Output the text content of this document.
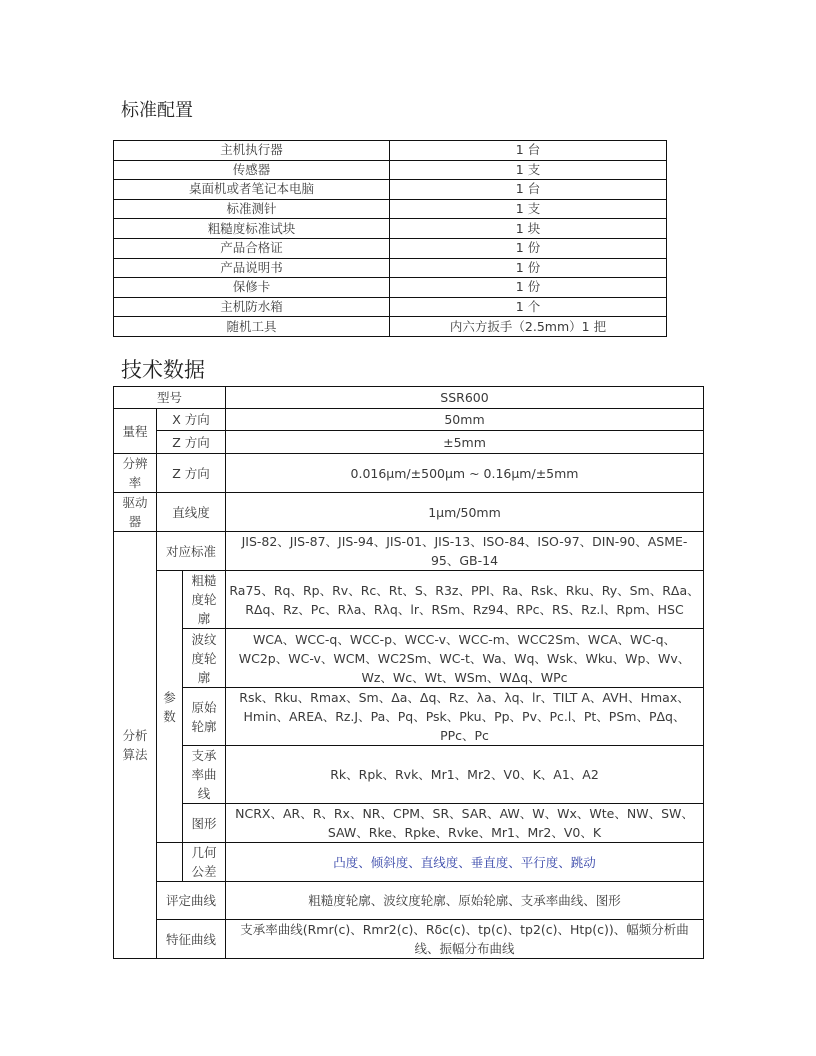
标准配置
主机执行器	1 台
传感器	1 支
桌面机或者笔记本电脑	1 台
标准测针	1 支
粗糙度标准试块	1 块
产品合格证	1 份
产品说明书	1 份
保修卡	1 份
主机防水箱	1 个
随机工具	内六方扳手（2.5mm）1 把
技术数据
型号			SSR600
量程	X 方向		50mm
	Z 方向		±5mm
分辨率	Z 方向		0.016μm/±500μm ~ 0.16μm/±5mm
驱动器	直线度		1μm/50mm
分析算法	对应标准		JIS-82、JIS-87、JIS-94、JIS-01、JIS-13、ISO-84、ISO-97、DIN-90、ASME-95、GB-14
	参数	粗糙度轮廓	Ra75、Rq、Rp、Rv、Rc、Rt、S、R3z、PPI、Ra、Rsk、Rku、Ry、Sm、RΔa、RΔq、Rz、Pc、Rλa、Rλq、lr、RSm、Rz94、RPc、RS、Rz.l、Rpm、HSC
		波纹度轮廓	WCA、WCC-q、WCC-p、WCC-v、WCC-m、WCC2Sm、WCA、WC-q、WC2p、WC-v、WCM、WC2Sm、WC-t、Wa、Wq、Wsk、Wku、Wp、Wv、Wz、Wc、Wt、WSm、WΔq、WPc
		原始轮廓	Rsk、Rku、Rmax、Sm、Δa、Δq、Rz、λa、λq、lr、TILT A、AVH、Hmax、Hmin、AREA、Rz.J、Pa、Pq、Psk、Pku、Pp、Pv、Pc.l、Pt、PSm、PΔq、PPc、Pc
		支承率曲线	Rk、Rpk、Rvk、Mr1、Mr2、V0、K、A1、A2
		图形	NCRX、AR、R、Rx、NR、CPM、SR、SAR、AW、W、Wx、Wte、NW、SW、SAW、Rke、Rpke、Rvke、Mr1、Mr2、V0、K
		几何公差	凸度、倾斜度、直线度、垂直度、平行度、跳动
	评定曲线		粗糙度轮廓、波纹度轮廓、原始轮廓、支承率曲线、图形
	特征曲线		支承率曲线(Rmr(c)、Rmr2(c)、Rδc(c)、tp(c)、tp2(c)、Htp(c))、幅频分析曲线、振幅分布曲线
